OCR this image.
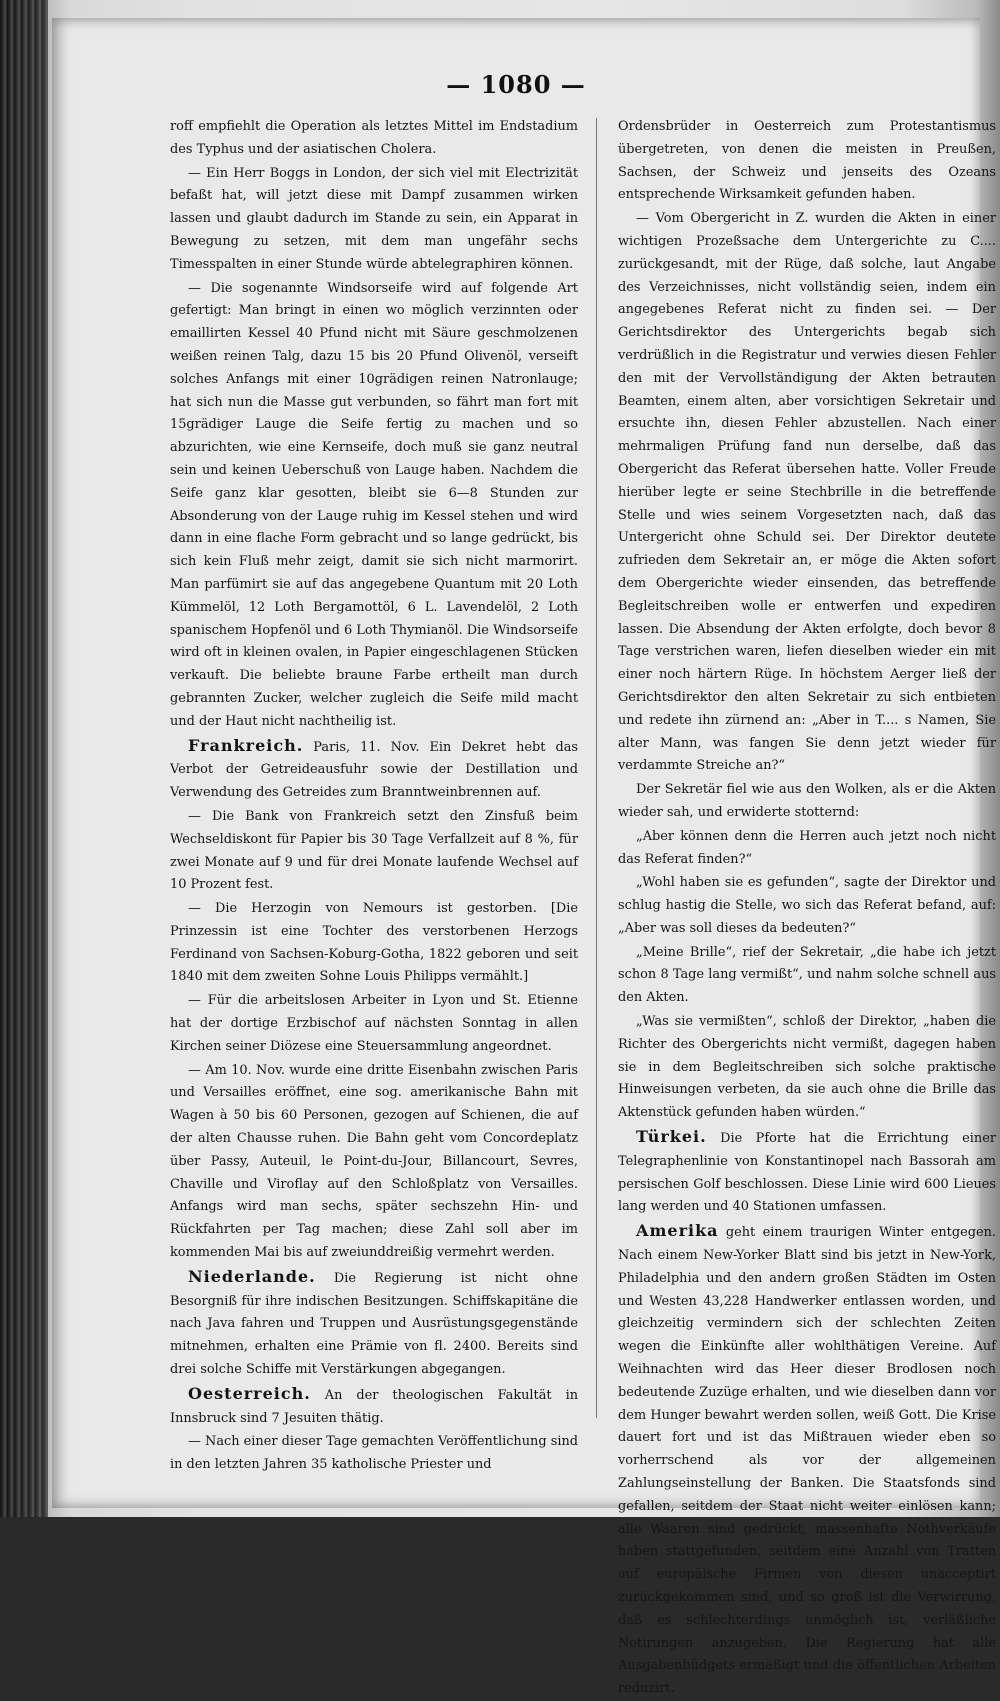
— 1080 —

roff empfiehlt die Operation als letztes Mittel im Endstadium des Typhus und der asiatischen Cholera.

— Ein Herr Boggs in London, der sich viel mit Electrizität befaßt hat, will jetzt diese mit Dampf zusammen wirken lassen und glaubt dadurch im Stande zu sein, ein Apparat in Bewegung zu setzen, mit dem man ungefähr sechs Timesspalten in einer Stunde würde abtelegraphiren können.

— Die sogenannte Windsorseife wird auf folgende Art gefertigt: Man bringt in einen wo möglich verzinnten oder emaillirten Kessel 40 Pfund nicht mit Säure geschmolzenen weißen reinen Talg, dazu 15 bis 20 Pfund Olivenöl, verseift solches Anfangs mit einer 10grädigen reinen Natronlauge; hat sich nun die Masse gut verbunden, so fährt man fort mit 15grädiger Lauge die Seife fertig zu machen und so abzurichten, wie eine Kernseife, doch muß sie ganz neutral sein und keinen Ueberschuß von Lauge haben. Nachdem die Seife ganz klar gesotten, bleibt sie 6—8 Stunden zur Absonderung von der Lauge ruhig im Kessel stehen und wird dann in eine flache Form gebracht und so lange gedrückt, bis sich kein Fluß mehr zeigt, damit sie sich nicht marmorirt. Man parfümirt sie auf das angegebene Quantum mit 20 Loth Kümmelöl, 12 Loth Bergamottöl, 6 L. Lavendelöl, 2 Loth spanischem Hopfenöl und 6 Loth Thymianöl. Die Windsorseife wird oft in kleinen ovalen, in Papier eingeschlagenen Stücken verkauft. Die beliebte braune Farbe ertheilt man durch gebrannten Zucker, welcher zugleich die Seife mild macht und der Haut nicht nachtheilig ist.

Frankreich. Paris, 11. Nov. Ein Dekret hebt das Verbot der Getreideausfuhr sowie der Destillation und Verwendung des Getreides zum Branntweinbrennen auf.

— Die Bank von Frankreich setzt den Zinsfuß beim Wechseldiskont für Papier bis 30 Tage Verfallzeit auf 8 %, für zwei Monate auf 9 und für drei Monate laufende Wechsel auf 10 Prozent fest.

— Die Herzogin von Nemours ist gestorben. [Die Prinzessin ist eine Tochter des verstorbenen Herzogs Ferdinand von Sachsen-Koburg-Gotha, 1822 geboren und seit 1840 mit dem zweiten Sohne Louis Philipps vermählt.]

— Für die arbeitslosen Arbeiter in Lyon und St. Etienne hat der dortige Erzbischof auf nächsten Sonntag in allen Kirchen seiner Diözese eine Steuersammlung angeordnet.

— Am 10. Nov. wurde eine dritte Eisenbahn zwischen Paris und Versailles eröffnet, eine sog. amerikanische Bahn mit Wagen à 50 bis 60 Personen, gezogen auf Schienen, die auf der alten Chausse ruhen. Die Bahn geht vom Concordeplatz über Passy, Auteuil, le Point-du-Jour, Billancourt, Sevres, Chaville und Viroflay auf den Schloßplatz von Versailles. Anfangs wird man sechs, später sechszehn Hin- und Rückfahrten per Tag machen; diese Zahl soll aber im kommenden Mai bis auf zweiunddreißig vermehrt werden.

Niederlande. Die Regierung ist nicht ohne Besorgniß für ihre indischen Besitzungen. Schiffskapitäne die nach Java fahren und Truppen und Ausrüstungsgegenstände mitnehmen, erhalten eine Prämie von fl. 2400. Bereits sind drei solche Schiffe mit Verstärkungen abgegangen.

Oesterreich. An der theologischen Fakultät in Innsbruck sind 7 Jesuiten thätig.

— Nach einer dieser Tage gemachten Veröffentlichung sind in den letzten Jahren 35 katholische Priester und

Ordensbrüder in Oesterreich zum Protestantismus übergetreten, von denen die meisten in Preußen, Sachsen, der Schweiz und jenseits des Ozeans entsprechende Wirksamkeit gefunden haben.

— Vom Obergericht in Z. wurden die Akten in einer wichtigen Prozeßsache dem Untergerichte zu C.... zurückgesandt, mit der Rüge, daß solche, laut Angabe des Verzeichnisses, nicht vollständig seien, indem ein angegebenes Referat nicht zu finden sei. — Der Gerichtsdirektor des Untergerichts begab sich verdrüßlich in die Registratur und verwies diesen Fehler den mit der Vervollständigung der Akten betrauten Beamten, einem alten, aber vorsichtigen Sekretair und ersuchte ihn, diesen Fehler abzustellen. Nach einer mehrmaligen Prüfung fand nun derselbe, daß das Obergericht das Referat übersehen hatte. Voller Freude hierüber legte er seine Stechbrille in die betreffende Stelle und wies seinem Vorgesetzten nach, daß das Untergericht ohne Schuld sei. Der Direktor deutete zufrieden dem Sekretair an, er möge die Akten sofort dem Obergerichte wieder einsenden, das betreffende Begleitschreiben wolle er entwerfen und expediren lassen. Die Absendung der Akten erfolgte, doch bevor 8 Tage verstrichen waren, liefen dieselben wieder ein mit einer noch härtern Rüge. In höchstem Aerger ließ der Gerichtsdirektor den alten Sekretair zu sich entbieten und redete ihn zürnend an: „Aber in T.... s Namen, Sie alter Mann, was fangen Sie denn jetzt wieder für verdammte Streiche an?“

Der Sekretär fiel wie aus den Wolken, als er die Akten wieder sah, und erwiderte stotternd:

„Aber können denn die Herren auch jetzt noch nicht das Referat finden?“

„Wohl haben sie es gefunden“, sagte der Direktor und schlug hastig die Stelle, wo sich das Referat befand, auf: „Aber was soll dieses da bedeuten?“

„Meine Brille“, rief der Sekretair, „die habe ich jetzt schon 8 Tage lang vermißt“, und nahm solche schnell aus den Akten.

„Was sie vermißten“, schloß der Direktor, „haben die Richter des Obergerichts nicht vermißt, dagegen haben sie in dem Begleitschreiben sich solche praktische Hinweisungen verbeten, da sie auch ohne die Brille das Aktenstück gefunden haben würden.“

Türkei. Die Pforte hat die Errichtung einer Telegraphenlinie von Konstantinopel nach Bassorah am persischen Golf beschlossen. Diese Linie wird 600 Lieues lang werden und 40 Stationen umfassen.

Amerika geht einem traurigen Winter entgegen. Nach einem New-Yorker Blatt sind bis jetzt in New-York, Philadelphia und den andern großen Städten im Osten und Westen 43,228 Handwerker entlassen worden, und gleichzeitig vermindern sich der schlechten Zeiten wegen die Einkünfte aller wohlthätigen Vereine. Auf Weihnachten wird das Heer dieser Brodlosen noch bedeutende Zuzüge erhalten, und wie dieselben dann vor dem Hunger bewahrt werden sollen, weiß Gott. Die Krise dauert fort und ist das Mißtrauen wieder eben so vorherrschend als vor der allgemeinen Zahlungseinstellung der Banken. Die Staatsfonds sind gefallen, seitdem der Staat nicht weiter einlösen kann; alle Waaren sind gedrückt, massenhafte Nothverkäufe haben stattgefunden, seitdem eine Anzahl von Tratten auf europäische Firmen von diesen unacceptirt zurückgekommen sind, und so groß ist die Verwirrung, daß es schlechterdings unmöglich ist, verläßliche Notirungen anzugeben. Die Regierung hat alle Ausgabenbüdgets ermäßigt und die öffentlichen Arbeiten reduzirt.
